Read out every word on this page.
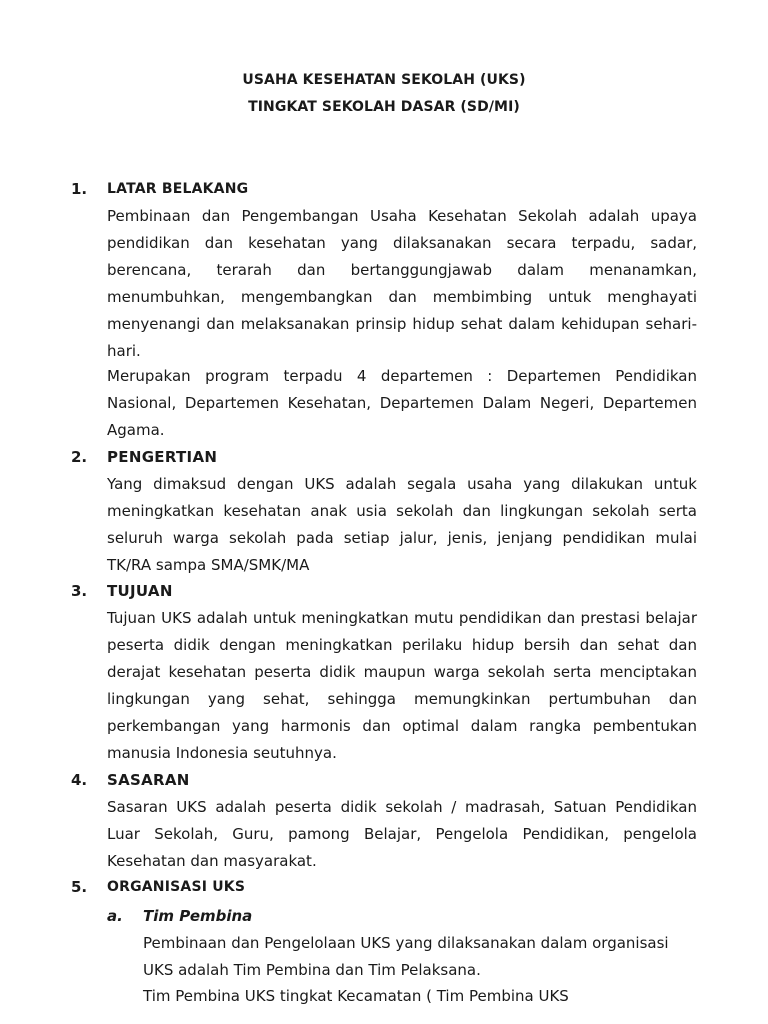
USAHA KESEHATAN SEKOLAH (UKS)
TINGKAT SEKOLAH DASAR (SD/MI)
1. LATAR BELAKANG

Pembinaan dan Pengembangan Usaha Kesehatan Sekolah adalah upaya pendidikan dan kesehatan yang dilaksanakan secara terpadu, sadar, berencana, terarah dan bertanggungjawab dalam menanamkan, menumbuhkan, mengembangkan dan membimbing untuk menghayati menyenangi dan melaksanakan prinsip hidup sehat dalam kehidupan sehari-hari.

Merupakan program terpadu 4 departemen : Departemen Pendidikan Nasional, Departemen Kesehatan, Departemen Dalam Negeri, Departemen Agama.

2. PENGERTIAN

Yang dimaksud dengan UKS adalah segala usaha yang dilakukan untuk meningkatkan kesehatan anak usia sekolah dan lingkungan sekolah serta seluruh warga sekolah pada setiap jalur, jenis, jenjang pendidikan mulai TK/RA sampa SMA/SMK/MA

3. TUJUAN

Tujuan UKS adalah untuk meningkatkan mutu pendidikan dan prestasi belajar peserta didik dengan meningkatkan perilaku hidup bersih dan sehat dan derajat kesehatan peserta didik maupun warga sekolah serta menciptakan lingkungan yang sehat, sehingga memungkinkan pertumbuhan dan perkembangan yang harmonis dan optimal dalam rangka pembentukan manusia Indonesia seutuhnya.

4. SASARAN

Sasaran UKS adalah peserta didik sekolah / madrasah, Satuan Pendidikan Luar Sekolah, Guru, pamong Belajar, Pengelola Pendidikan, pengelola Kesehatan dan masyarakat.

5. ORGANISASI UKS
a. Tim Pembina

Pembinaan dan Pengelolaan UKS yang dilaksanakan dalam organisasi UKS adalah Tim Pembina dan Tim Pelaksana.

Tim Pembina UKS tingkat Kecamatan ( Tim Pembina UKS
